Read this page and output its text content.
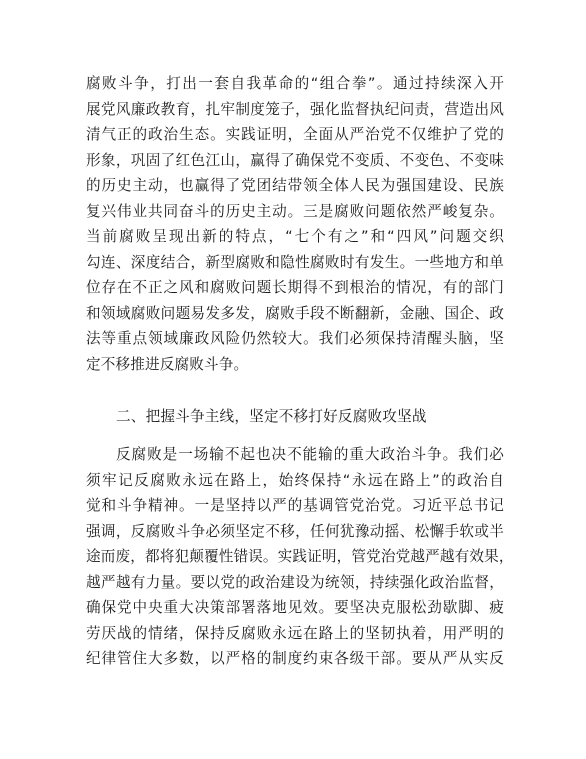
腐败斗争，打出一套自我革命的“组合拳”。通过持续深入开
展党风廉政教育，扎牢制度笼子，强化监督执纪问责，营造出风
清气正的政治生态。实践证明，全面从严治党不仅维护了党的
形象，巩固了红色江山，赢得了确保党不变质、不变色、不变味
的历史主动，也赢得了党团结带领全体人民为强国建设、民族
复兴伟业共同奋斗的历史主动。三是腐败问题依然严峻复杂。
当前腐败呈现出新的特点，“七个有之”和“四风”问题交织
勾连、深度结合，新型腐败和隐性腐败时有发生。一些地方和单
位存在不正之风和腐败问题长期得不到根治的情况，有的部门
和领域腐败问题易发多发，腐败手段不断翻新，金融、国企、政
法等重点领域廉政风险仍然较大。我们必须保持清醒头脑，坚
定不移推进反腐败斗争。
二、把握斗争主线，坚定不移打好反腐败攻坚战
反腐败是一场输不起也决不能输的重大政治斗争。我们必
须牢记反腐败永远在路上，始终保持“永远在路上”的政治自
觉和斗争精神。一是坚持以严的基调管党治党。习近平总书记
强调，反腐败斗争必须坚定不移，任何犹豫动摇、松懈手软或半
途而废，都将犯颠覆性错误。实践证明，管党治党越严越有效果，
越严越有力量。要以党的政治建设为统领，持续强化政治监督，
确保党中央重大决策部署落地见效。要坚决克服松劲歇脚、疲
劳厌战的情绪，保持反腐败永远在路上的坚韧执着，用严明的
纪律管住大多数，以严格的制度约束各级干部。要从严从实反
